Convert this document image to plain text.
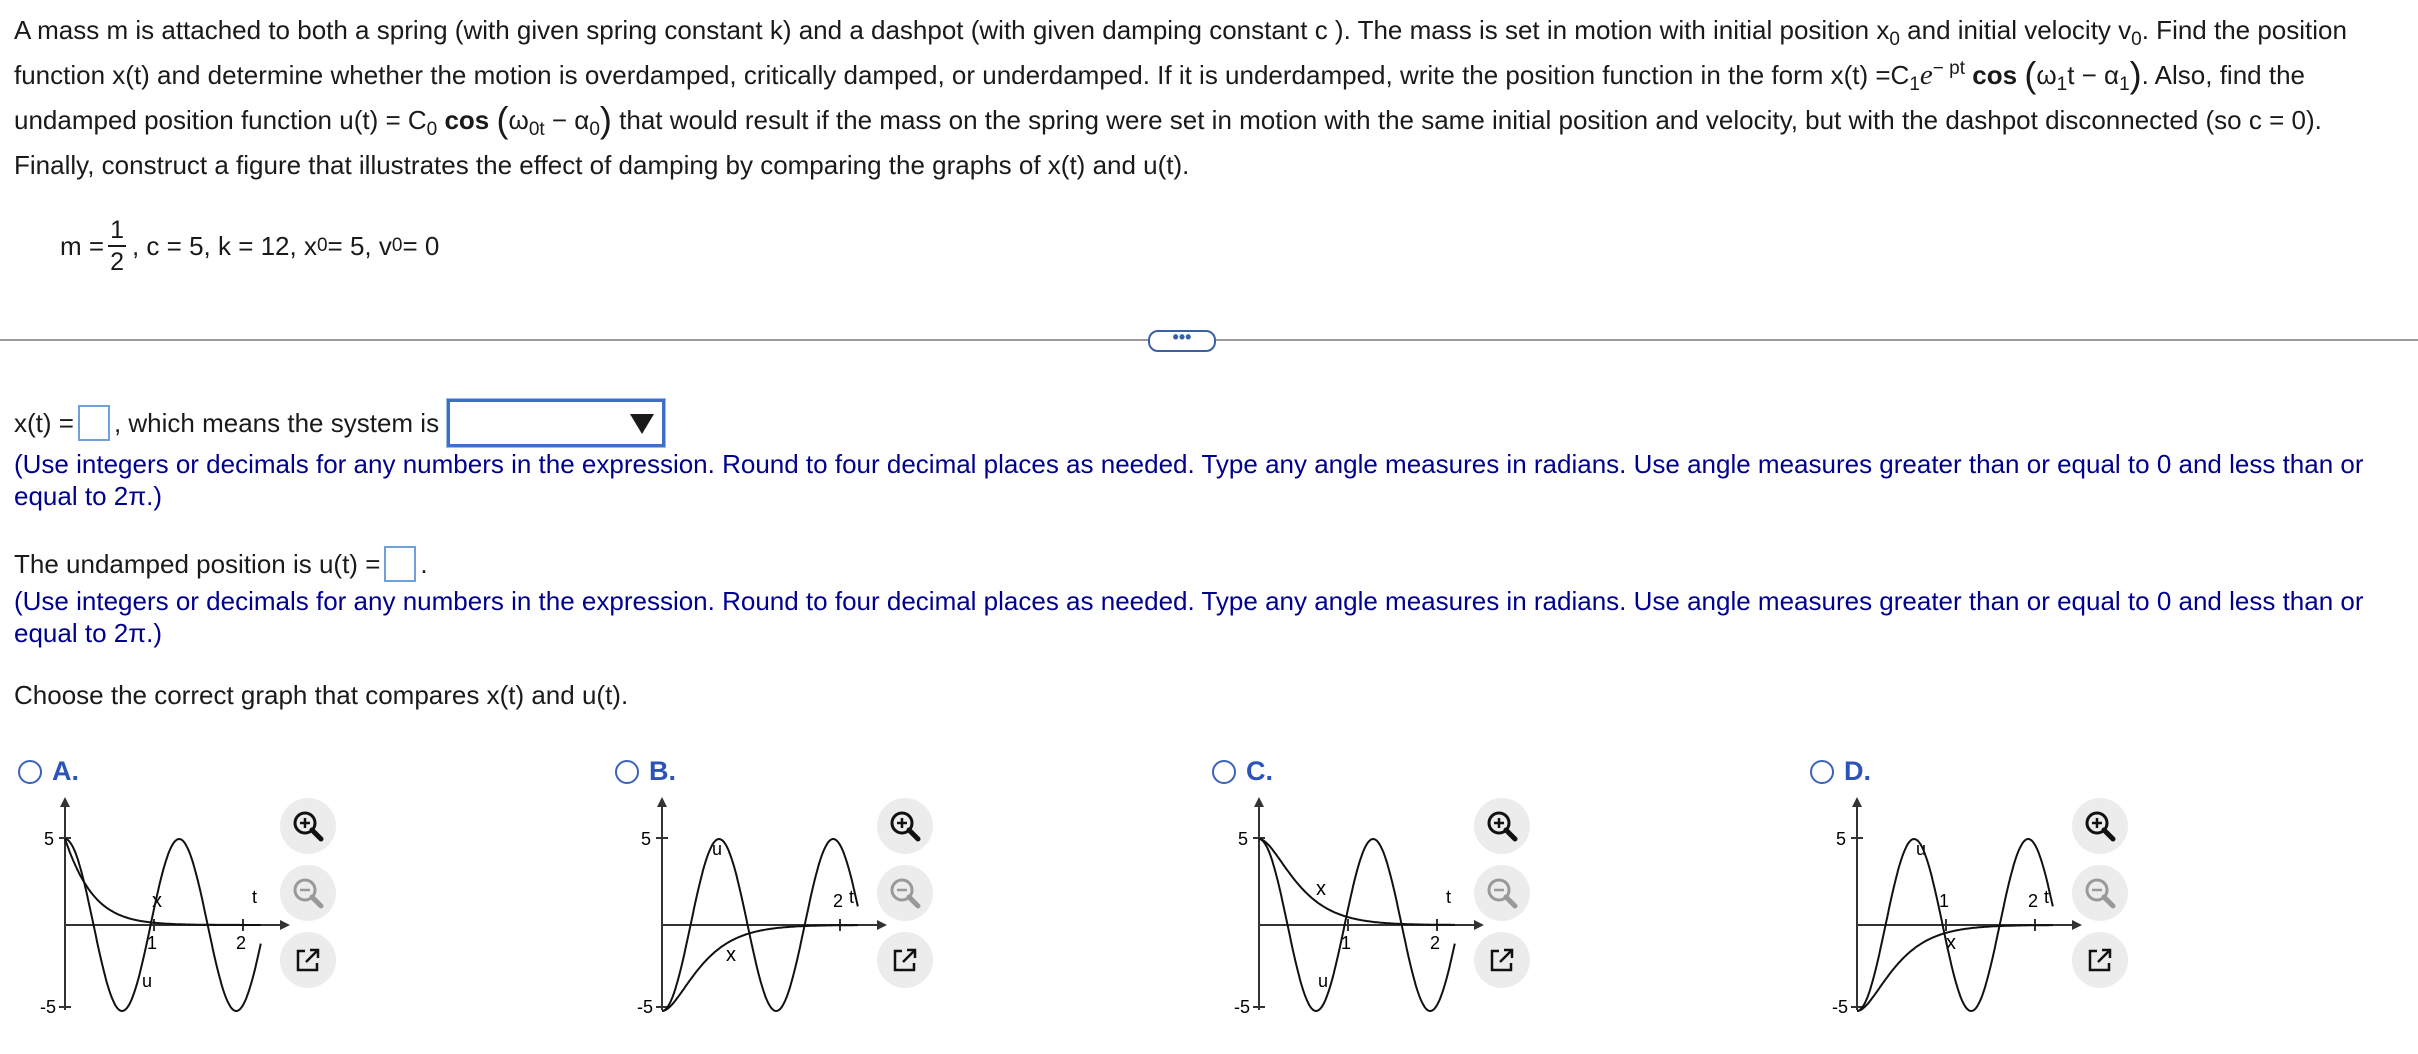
A mass m is attached to both a spring (with given spring constant k) and a dashpot (with given damping constant c ). The mass is set in motion with initial position $x_0$ and initial velocity $v_0$. Find the position function x(t) and determine whether the motion is overdamped, critically damped, or underdamped. If it is underdamped, write the position function in the form $x(t) =C_1e^{- pt}$ $\cos (\omega_1t - \alpha_1)$. Also, find the undamped position function $u(t) = C_0$ $\cos (\omega_{0t} - \alpha_0)$ that would result if the mass on the spring were set in motion with the same initial position and velocity, but with the dashpot disconnected (so c = 0). Finally, construct a figure that illustrates the effect of damping by comparing the graphs of x(t) and u(t).
$m = \frac{1}{2}$ , c = 5, k = 12, x 0 = 5, v 0 = 0
•••
x(t) = , which means the system is
(Use integers or decimals for any numbers in the expression. Round to four decimal places as needed. Type any angle measures in radians. Use angle measures greater than or equal to 0 and less than or equal to 2π.)
The undamped position is u(t) = .
(Use integers or decimals for any numbers in the expression. Round to four decimal places as needed. Type any angle measures in radians. Use angle measures greater than or equal to 0 and less than or equal to 2π.)
Choose the correct graph that compares x(t) and u(t).
A.	B.	C.	D.
5
-5
1	2
t
x
u
5
-5
2 t
x
u	5
-5
1	2
t
x
u
5
-5
1	2 t
x
u
